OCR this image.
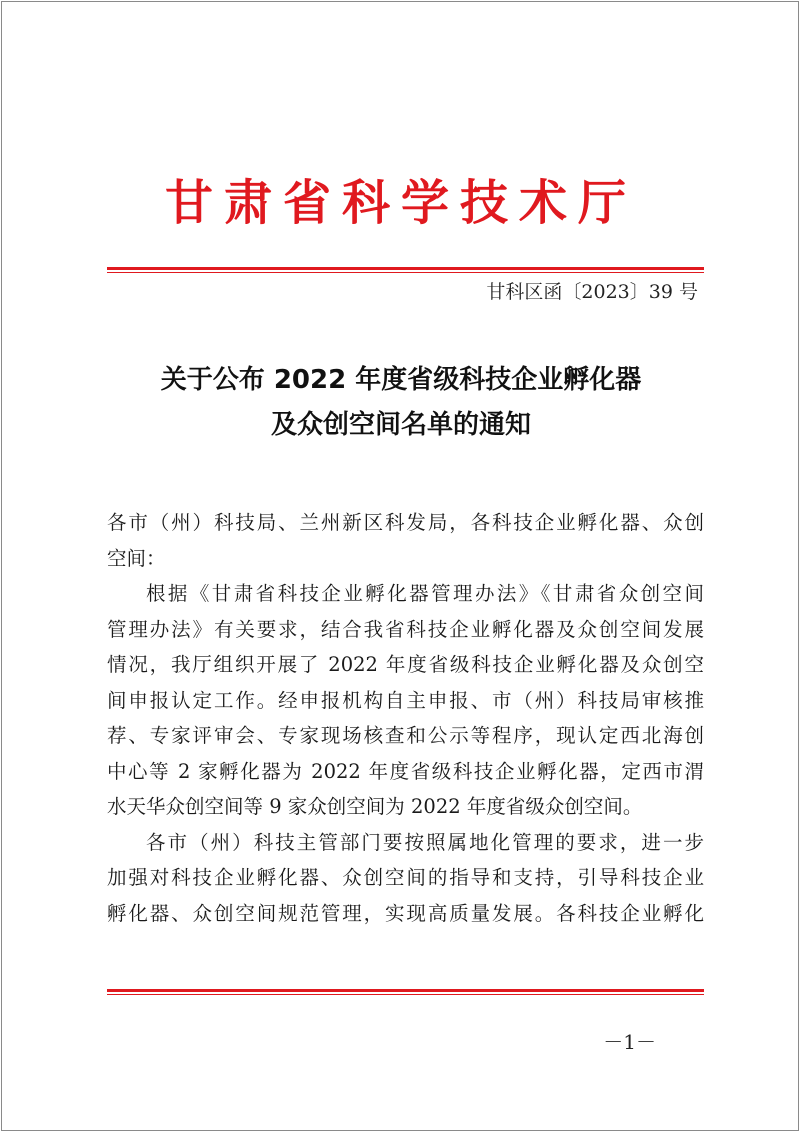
甘肃省科学技术厅
甘科区函〔2023〕39 号
关于公布 2022 年度省级科技企业孵化器
及众创空间名单的通知

各市（州）科技局、兰州新区科发局，各科技企业孵化器、众创

空间：

根据《甘肃省科技企业孵化器管理办法》《甘肃省众创空间

管理办法》有关要求，结合我省科技企业孵化器及众创空间发展

情况，我厅组织开展了 2022 年度省级科技企业孵化器及众创空

间申报认定工作。经申报机构自主申报、市（州）科技局审核推

荐、专家评审会、专家现场核查和公示等程序，现认定西北海创

中心等 2 家孵化器为 2022 年度省级科技企业孵化器，定西市渭

水天华众创空间等 9 家众创空间为 2022 年度省级众创空间。

各市（州）科技主管部门要按照属地化管理的要求，进一步

加强对科技企业孵化器、众创空间的指导和支持，引导科技企业

孵化器、众创空间规范管理，实现高质量发展。各科技企业孵化

－1－
